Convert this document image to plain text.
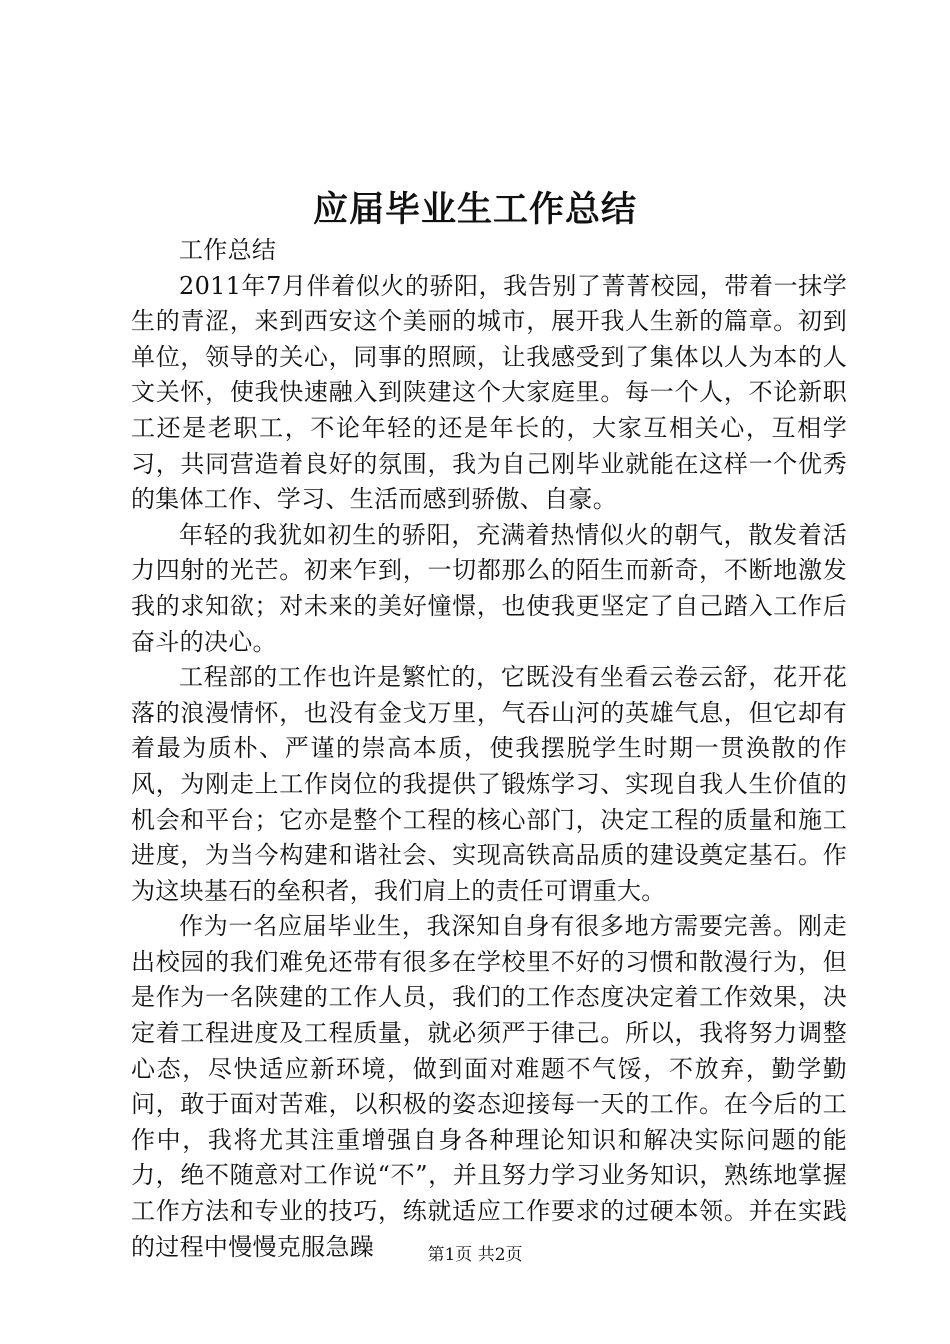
应届毕业生工作总结

工作总结

2011年7月伴着似火的骄阳，我告别了菁菁校园，带着一抹学生的青涩，来到西安这个美丽的城市，展开我人生新的篇章。初到单位，领导的关心，同事的照顾，让我感受到了集体以人为本的人文关怀，使我快速融入到陕建这个大家庭里。每一个人，不论新职工还是老职工，不论年轻的还是年长的，大家互相关心，互相学习，共同营造着良好的氛围，我为自己刚毕业就能在这样一个优秀的集体工作、学习、生活而感到骄傲、自豪。

年轻的我犹如初生的骄阳，充满着热情似火的朝气，散发着活力四射的光芒。初来乍到，一切都那么的陌生而新奇，不断地激发我的求知欲；对未来的美好憧憬，也使我更坚定了自己踏入工作后奋斗的决心。

工程部的工作也许是繁忙的，它既没有坐看云卷云舒，花开花落的浪漫情怀，也没有金戈万里，气吞山河的英雄气息，但它却有着最为质朴、严谨的崇高本质，使我摆脱学生时期一贯涣散的作风，为刚走上工作岗位的我提供了锻炼学习、实现自我人生价值的机会和平台；它亦是整个工程的核心部门，决定工程的质量和施工进度，为当今构建和谐社会、实现高铁高品质的建设奠定基石。作为这块基石的垒积者，我们肩上的责任可谓重大。

作为一名应届毕业生，我深知自身有很多地方需要完善。刚走出校园的我们难免还带有很多在学校里不好的习惯和散漫行为，但是作为一名陕建的工作人员，我们的工作态度决定着工作效果，决定着工程进度及工程质量，就必须严于律己。所以，我将努力调整心态，尽快适应新环境，做到面对难题不气馁，不放弃，勤学勤问，敢于面对苦难，以积极的姿态迎接每一天的工作。在今后的工作中，我将尤其注重增强自身各种理论知识和解决实际问题的能力，绝不随意对工作说“不”，并且努力学习业务知识，熟练地掌握工作方法和专业的技巧，练就适应工作要求的过硬本领。并在实践的过程中慢慢克服急躁	第1页 共2页
